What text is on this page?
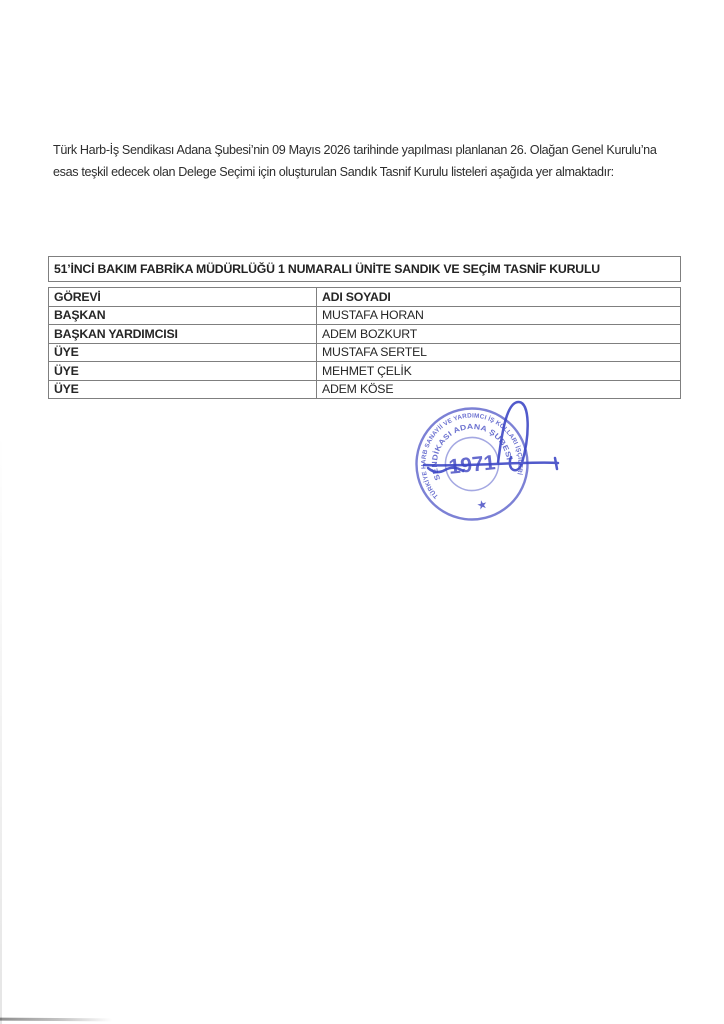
Türk Harb-İş Sendikası Adana Şubesi’nin 09 Mayıs 2026 tarihinde yapılması planlanan 26. Olağan Genel Kurulu’na
esas teşkil edecek olan Delege Seçimi için oluşturulan Sandık Tasnif Kurulu listeleri aşağıda yer almaktadır:

51’İNCİ BAKIM FABRİKA MÜDÜRLÜĞÜ 1 NUMARALI ÜNİTE SANDIK VE SEÇİM TASNİF KURULU
GÖREVİ	ADI SOYADI
BAŞKAN	MUSTAFA HORAN
BAŞKAN YARDIMCISI	ADEM BOZKURT
ÜYE	MUSTAFA SERTEL
ÜYE	MEHMET ÇELİK
ÜYE	ADEM KÖSE
TÜRKİYE HARB SANAYİİ VE YARDIMCI İŞ KOLLARI İŞÇİLERİ
SENDİKASI ADANA ŞUBESİ
1971
★
